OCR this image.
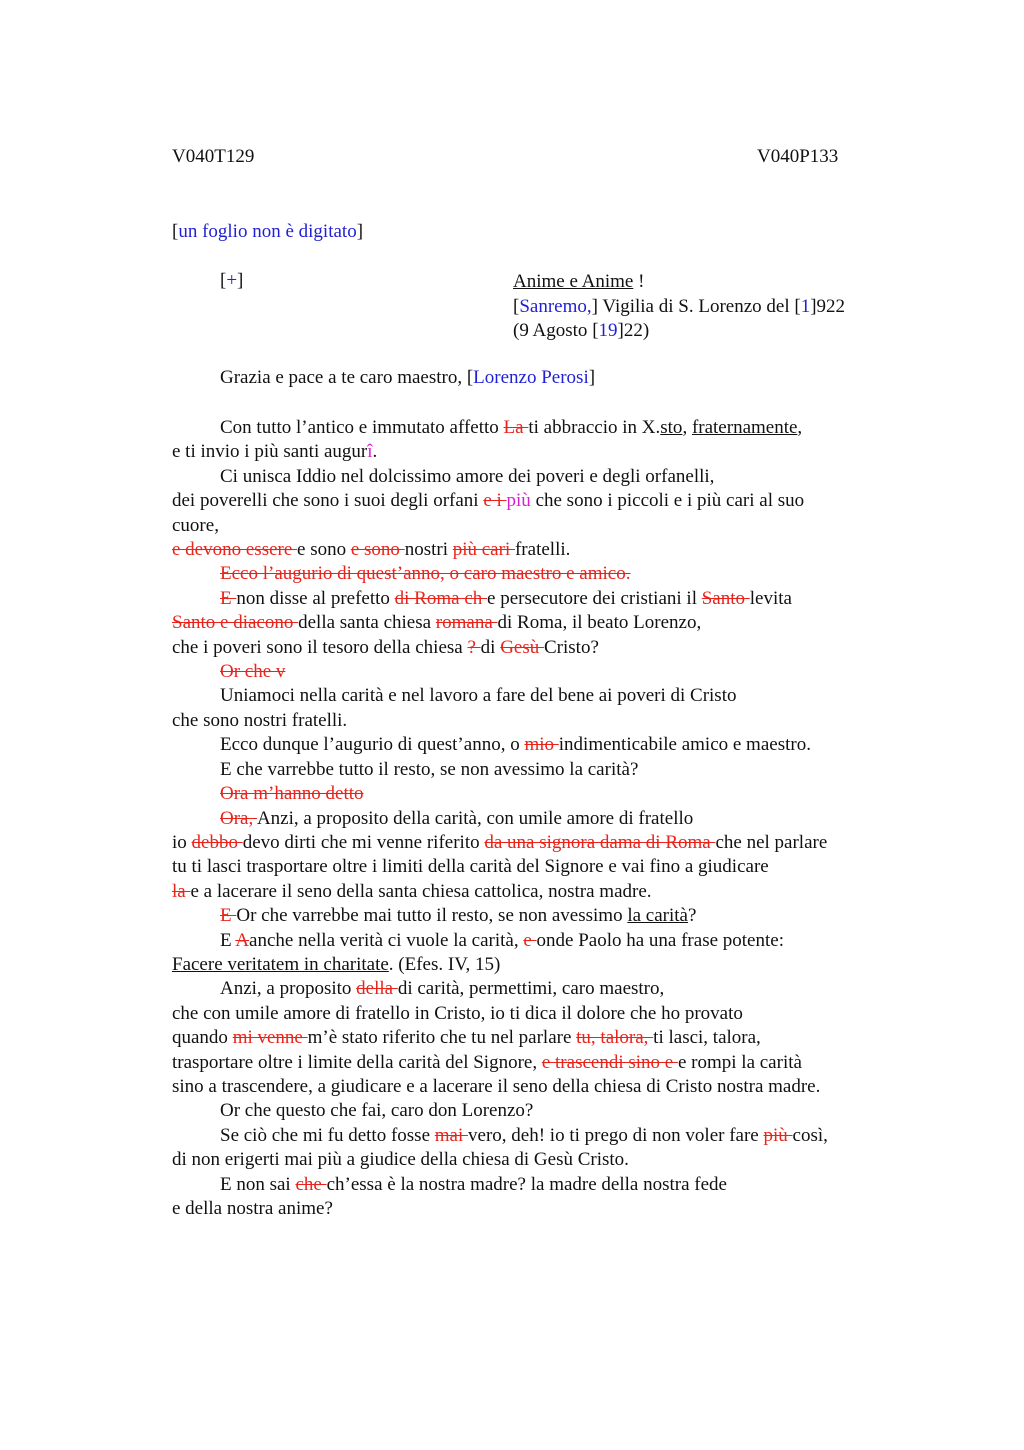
V040T129	V040P133
[un foglio non è digitato]
[+]	Anime e Anime !
[Sanremo,] Vigilia di S. Lorenzo del [1]922
(9 Agosto [19]22)
Grazia e pace a te caro maestro, [Lorenzo Perosi]
Con tutto l’antico e immutato affetto La ti abbraccio in X.sto, fraternamente,
e ti invio i più santi augurî.
Ci unisca Iddio nel dolcissimo amore dei poveri e degli orfanelli,
dei poverelli che sono i suoi degli orfani e i più che sono i piccoli e i più cari al suo
cuore,
e devono essere e sono e sono nostri più cari fratelli.
Ecco l’augurio di quest’anno, o caro maestro e amico.
E non disse al prefetto di Roma ch e persecutore dei cristiani il Santo levita
Santo e diacono della santa chiesa romana di Roma, il beato Lorenzo,
che i poveri sono il tesoro della chiesa ? di Gesù Cristo?
Or che v
Uniamoci nella carità e nel lavoro a fare del bene ai poveri di Cristo
che sono nostri fratelli.
Ecco dunque l’augurio di quest’anno, o mio indimenticabile amico e maestro.
E che varrebbe tutto il resto, se non avessimo la carità?
Ora m’hanno detto
Ora, Anzi, a proposito della carità, con umile amore di fratello
io debbo devo dirti che mi venne riferito da una signora dama di Roma che nel parlare
tu ti lasci trasportare oltre i limiti della carità del Signore e vai fino a giudicare
la e a lacerare il seno della santa chiesa cattolica, nostra madre.
E Or che varrebbe mai tutto il resto, se non avessimo la carità?
E Aanche nella verità ci vuole la carità, e onde Paolo ha una frase potente:
Facere veritatem in charitate. (Efes. IV, 15)
Anzi, a proposito della di carità, permettimi, caro maestro,
che con umile amore di fratello in Cristo, io ti dica il dolore che ho provato
quando mi venne m’è stato riferito che tu nel parlare tu, talora, ti lasci, talora,
trasportare oltre i limite della carità del Signore, e trascendi sino e e rompi la carità
sino a trascendere, a giudicare e a lacerare il seno della chiesa di Cristo nostra madre.
Or che questo che fai, caro don Lorenzo?
Se ciò che mi fu detto fosse mai vero, deh! io ti prego di non voler fare più così,
di non erigerti mai più a giudice della chiesa di Gesù Cristo.
E non sai che ch’essa è la nostra madre? la madre della nostra fede
e della nostra anime?
